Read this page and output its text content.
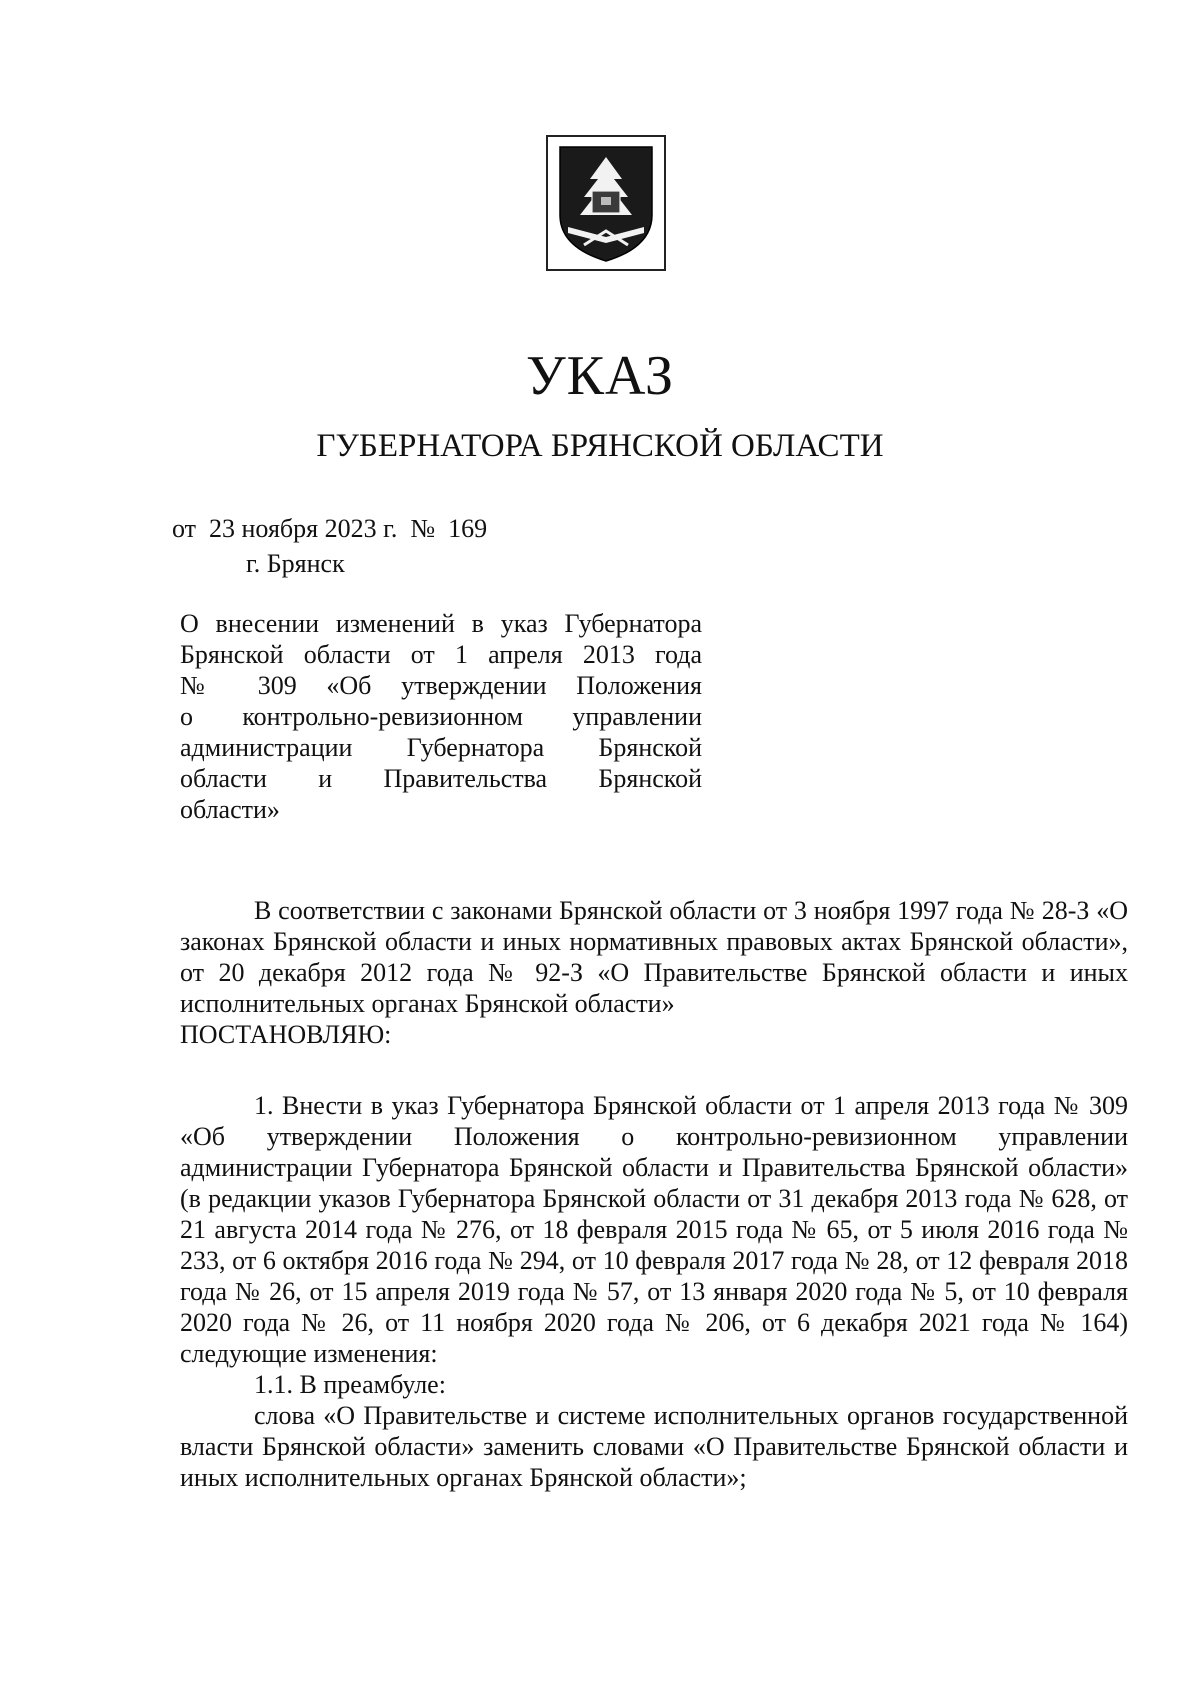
УКАЗ
ГУБЕРНАТОРА БРЯНСКОЙ ОБЛАСТИ
от  23 ноября 2023 г.  №  169
г. Брянск
О внесении изменений в указ Губернатора
Брянской области от 1 апреля 2013 года
№ 309 «Об утверждении Положения
о контрольно-ревизионном управлении
администрации Губернатора Брянской
области и Правительства Брянской
области»

В соответствии с законами Брянской области от 3 ноября 1997 года № 28-З «О законах Брянской области и иных нормативных правовых актах Брянской области», от 20 декабря 2012 года № 92-З «О Правительстве Брянской области и иных исполнительных органах Брянской области»

ПОСТАНОВЛЯЮ:

1. Внести в указ Губернатора Брянской области от 1 апреля 2013 года № 309 «Об утверждении Положения о контрольно-ревизионном управлении администрации Губернатора Брянской области и Правительства Брянской области» (в редакции указов Губернатора Брянской области от 31 декабря 2013 года № 628, от 21 августа 2014 года № 276, от 18 февраля 2015 года № 65, от 5 июля 2016 года № 233, от 6 октября 2016 года № 294, от 10 февраля 2017 года № 28, от 12 февраля 2018 года № 26, от 15 апреля 2019 года № 57, от 13 января 2020 года № 5, от 10 февраля 2020 года № 26, от 11 ноября 2020 года № 206, от 6 декабря 2021 года № 164) следующие изменения:

1.1. В преамбуле:

слова «О Правительстве и системе исполнительных органов государственной власти Брянской области» заменить словами «О Правительстве Брянской области и иных исполнительных органах Брянской области»;
